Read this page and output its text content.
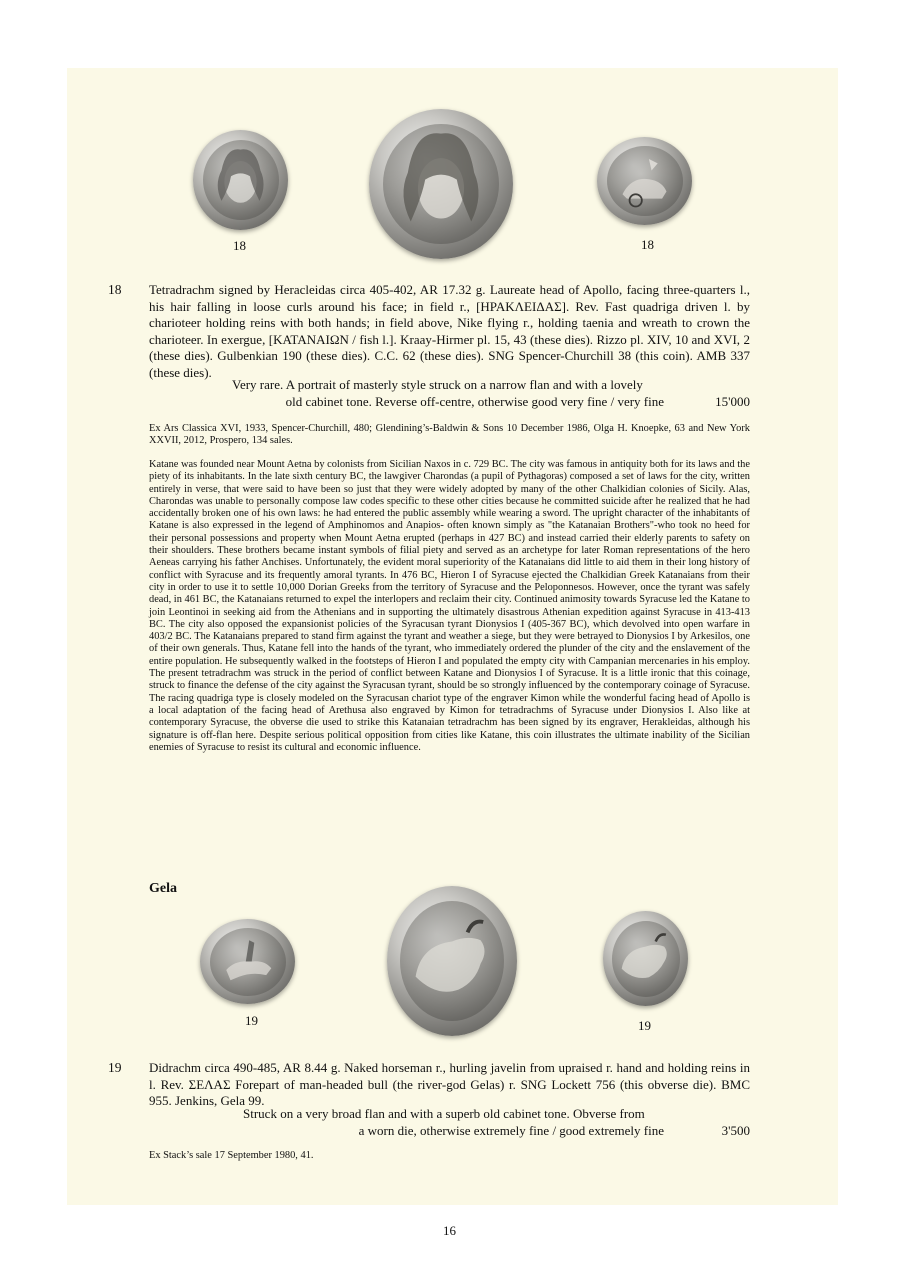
18	18
18 Tetradrachm signed by Heracleidas circa 405-402, AR 17.32 g. Laureate head of Apollo, facing three-quarters l., his hair falling in loose curls around his face; in field r., [ΗΡΑΚΛΕΙΔΑΣ]. Rev. Fast quadriga driven l. by charioteer holding reins with both hands; in field above, Nike flying r., holding taenia and wreath to crown the charioteer. In exergue, [ΚΑΤΑΝΑΙΩΝ / fish l.]. Kraay-Hirmer pl. 15, 43 (these dies). Rizzo pl. XIV, 10 and XVI, 2 (these dies). Gulbenkian 190 (these dies). C.C. 62 (these dies). SNG Spencer-Churchill 38 (this coin). AMB 337 (these dies).
Very rare. A portrait of masterly style struck on a narrow flan and with a lovely
old cabinet tone. Reverse off-centre, otherwise good very fine / very fine	15'000
Ex Ars Classica XVI, 1933, Spencer-Churchill, 480; Glendining’s-Baldwin & Sons 10 December 1986, Olga H. Knoepke, 63 and New York XXVII, 2012, Prospero, 134 sales.
Katane was founded near Mount Aetna by colonists from Sicilian Naxos in c. 729 BC. The city was famous in antiquity both for its laws and the piety of its inhabitants. In the late sixth century BC, the lawgiver Charondas (a pupil of Pythagoras) composed a set of laws for the city, written entirely in verse, that were said to have been so just that they were widely adopted by many of the other Chalkidian colonies of Sicily. Alas, Charondas was unable to personally compose law codes specific to these other cities because he committed suicide after he realized that he had accidentally broken one of his own laws: he had entered the public assembly while wearing a sword. The upright character of the inhabitants of Katane is also expressed in the legend of Amphinomos and Anapios- often known simply as "the Katanaian Brothers"-who took no heed for their personal possessions and property when Mount Aetna erupted (perhaps in 427 BC) and instead carried their elderly parents to safety on their shoulders. These brothers became instant symbols of filial piety and served as an archetype for later Roman representations of the hero Aeneas carrying his father Anchises. Unfortunately, the evident moral superiority of the Katanaians did little to aid them in their long history of conflict with Syracuse and its frequently amoral tyrants. In 476 BC, Hieron I of Syracuse ejected the Chalkidian Greek Katanaians from their city in order to use it to settle 10,000 Dorian Greeks from the territory of Syracuse and the Peloponnesos. However, once the tyrant was safely dead, in 461 BC, the Katanaians returned to expel the interlopers and reclaim their city. Continued animosity towards Syracuse led the Katane to join Leontinoi in seeking aid from the Athenians and in supporting the ultimately disastrous Athenian expedition against Syracuse in 413-413 BC. The city also opposed the expansionist policies of the Syracusan tyrant Dionysios I (405-367 BC), which devolved into open warfare in 403/2 BC. The Katanaians prepared to stand firm against the tyrant and weather a siege, but they were betrayed to Dionysios I by Arkesilos, one of their own generals. Thus, Katane fell into the hands of the tyrant, who immediately ordered the plunder of the city and the enslavement of the entire population. He subsequently walked in the footsteps of Hieron I and populated the empty city with Campanian mercenaries in his employ. The present tetradrachm was struck in the period of conflict between Katane and Dionysios I of Syracuse. It is a little ironic that this coinage, struck to finance the defense of the city against the Syracusan tyrant, should be so strongly influenced by the contemporary coinage of Syracuse. The racing quadriga type is closely modeled on the Syracusan chariot type of the engraver Kimon while the wonderful facing head of Apollo is a local adaptation of the facing head of Arethusa also engraved by Kimon for tetradrachms of Syracuse under Dionysios I. Also like at contemporary Syracuse, the obverse die used to strike this Katanaian tetradrachm has been signed by its engraver, Herakleidas, although his signature is off-flan here. Despite serious political opposition from cities like Katane, this coin illustrates the ultimate inability of the Sicilian enemies of Syracuse to resist its cultural and economic influence.
Gela
19	19
19 Didrachm circa 490-485, AR 8.44 g. Naked horseman r., hurling javelin from upraised r. hand and holding reins in l. Rev. ΣΕΛΑΣ Forepart of man-headed bull (the river-god Gelas) r. SNG Lockett 756 (this obverse die). BMC 955. Jenkins, Gela 99.
Struck on a very broad flan and with a superb old cabinet tone. Obverse from
a worn die, otherwise extremely fine / good extremely fine	3'500
Ex Stack’s sale 17 September 1980, 41.
16
